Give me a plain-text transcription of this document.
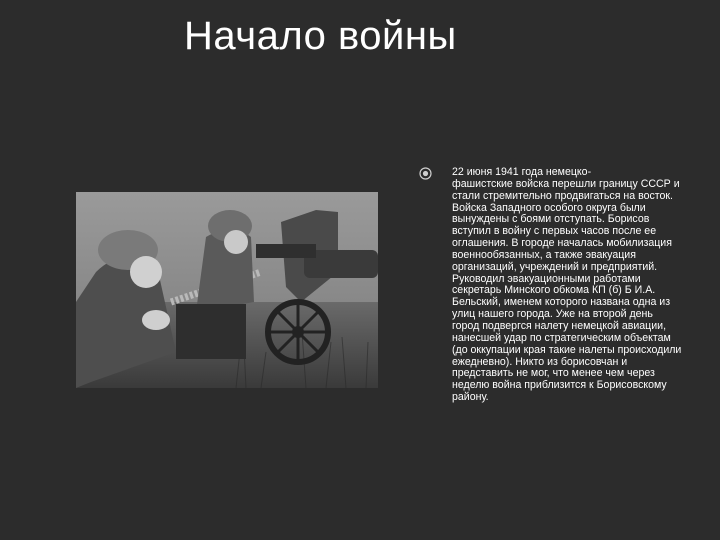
Начало войны
22 июня 1941 года немецко-
фашистские войска перешли границу СССР и стали стремительно продвигаться на восток. Войска Западного особого округа были вынуждены с боями отступать. Борисов вступил в войну с первых часов после ее оглашения. В городе началась мобилизация военнообязанных, а также эвакуация организаций, учреждений и предприятий. Руководил эвакуационными работами секретарь Минского обкома КП (б) Б И.А. Бельский, именем которого названа одна из улиц нашего города. Уже на второй день город подвергся налету немецкой авиации, нанесшей удар по стратегическим объектам (до оккупации края такие налеты происходили ежедневно). Никто из борисовчан и представить не мог, что менее чем через неделю война приблизится к Борисовскому району.
